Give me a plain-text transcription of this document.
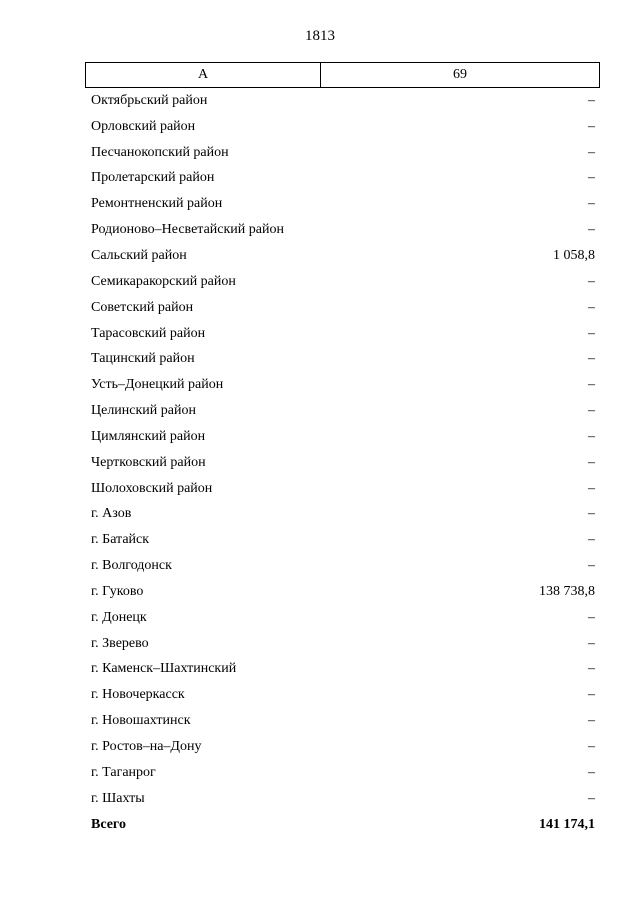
1813
А	69
Октябрьский район	–
Орловский район	–
Песчанокопский район	–
Пролетарский район	–
Ремонтненский район	–
Родионово–Несветайский район	–
Сальский район	1 058,8
Семикаракорский район	–
Советский район	–
Тарасовский район	–
Тацинский район	–
Усть–Донецкий район	–
Целинский район	–
Цимлянский район	–
Чертковский район	–
Шолоховский район	–
г. Азов	–
г. Батайск	–
г. Волгодонск	–
г. Гуково	138 738,8
г. Донецк	–
г. Зверево	–
г. Каменск–Шахтинский	–
г. Новочеркасск	–
г. Новошахтинск	–
г. Ростов–на–Дону	–
г. Таганрог	–
г. Шахты	–
Всего	141 174,1
